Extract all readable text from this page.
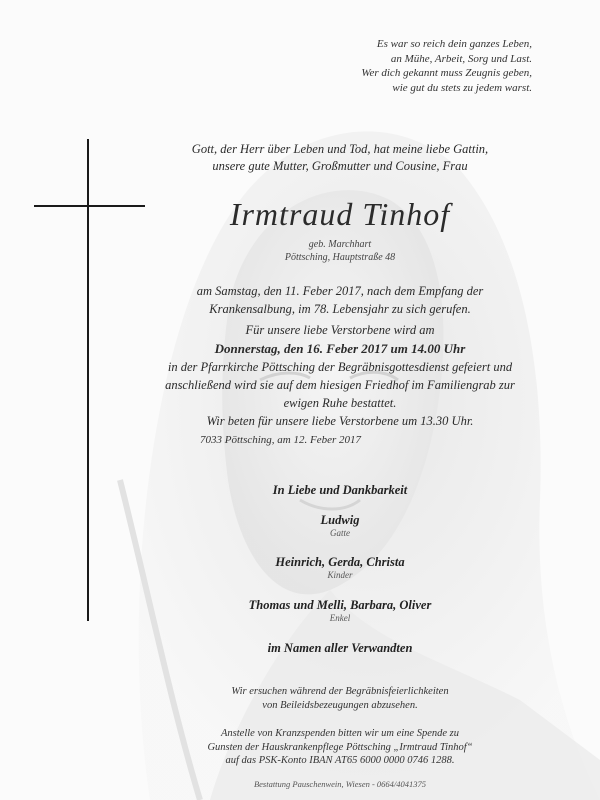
Es war so reich dein ganzes Leben,
an Mühe, Arbeit, Sorg und Last.
Wer dich gekannt muss Zeugnis geben,
wie gut du stets zu jedem warst.
Gott, der Herr über Leben und Tod, hat meine liebe Gattin,
unsere gute Mutter, Großmutter und Cousine, Frau
Irmtraud Tinhof
geb. Marchhart
Pöttsching, Hauptstraße 48
am Samstag, den 11. Feber 2017, nach dem Empfang der
Krankensalbung, im 78. Lebensjahr zu sich gerufen.
Für unsere liebe Verstorbene wird am
Donnerstag, den 16. Feber 2017 um 14.00 Uhr
in der Pfarrkirche Pöttsching der Begräbnisgottesdienst gefeiert und
anschließend wird sie auf dem hiesigen Friedhof im Familiengrab zur
ewigen Ruhe bestattet.
Wir beten für unsere liebe Verstorbene um 13.30 Uhr.
7033 Pöttsching, am 12. Feber 2017
In Liebe und Dankbarkeit
Ludwig
Gatte
Heinrich, Gerda, Christa
Kinder
Thomas und Melli, Barbara, Oliver
Enkel
im Namen aller Verwandten
Wir ersuchen während der Begräbnisfeierlichkeiten
von Beileidsbezeugungen abzusehen.
Anstelle von Kranzspenden bitten wir um eine Spende zu
Gunsten der Hauskrankenpflege Pöttsching „Irmtraud Tinhof“
auf das PSK-Konto IBAN AT65 6000 0000 0746 1288.
Bestattung Pauschenwein, Wiesen - 0664/4041375
